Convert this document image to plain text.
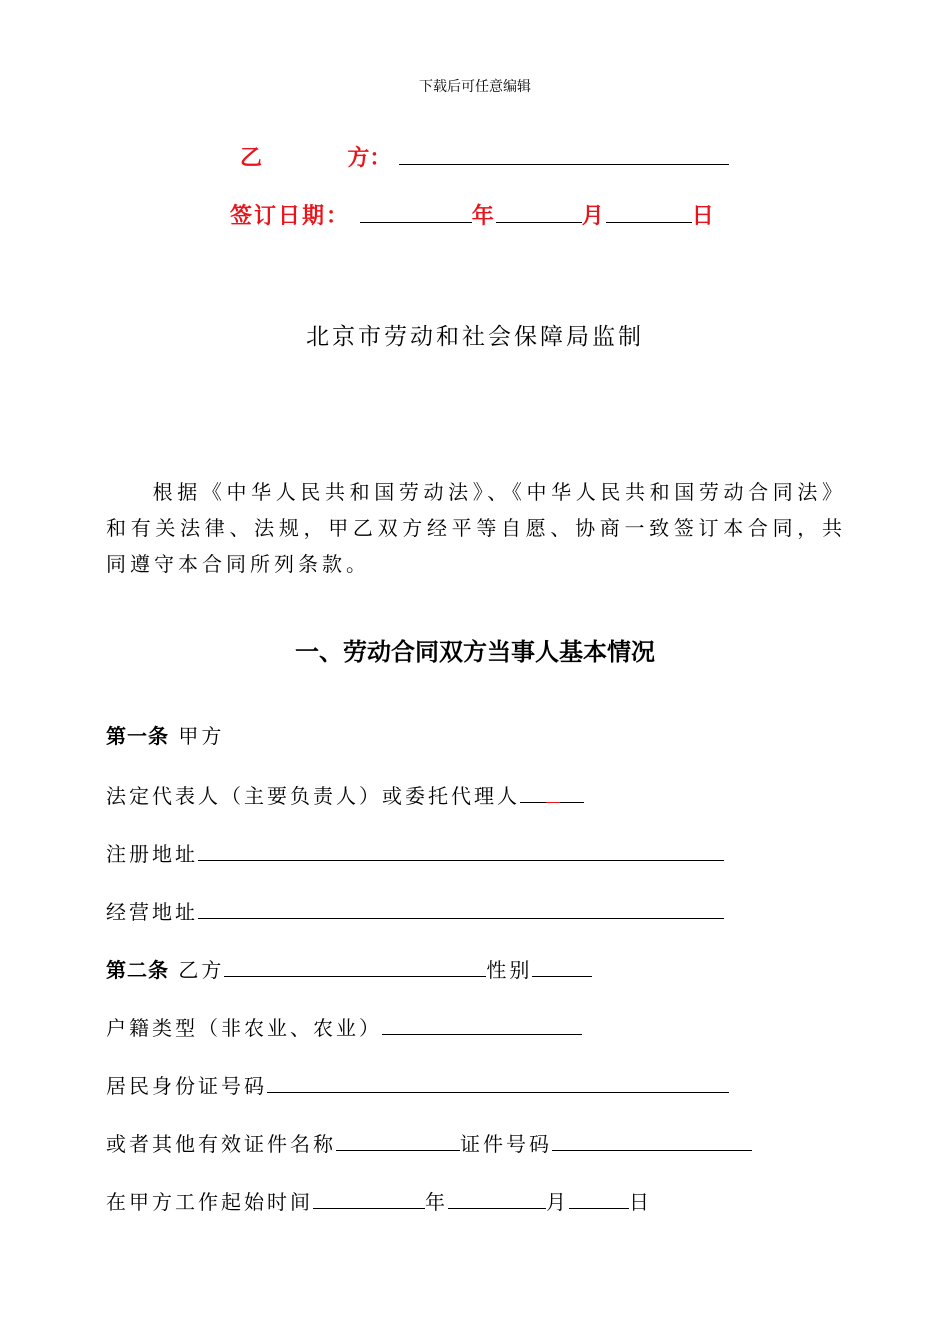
下载后可任意编辑
乙	方：
签订日期：	年	月	日
北京市劳动和社会保障局监制
根据《中华人民共和国劳动法》、《中华人民共和国劳动合同法》和有关法律、法规，甲乙双方经平等自愿、协商一致签订本合同，共同遵守本合同所列条款。
一、劳动合同双方当事人基本情况
第一条 甲方
法定代表人（主要负责人）或委托代理人
注册地址
经营地址
第二条 乙方	性别
户籍类型（非农业、农业）
居民身份证号码
或者其他有效证件名称	证件号码
在甲方工作起始时间	年	月	日
